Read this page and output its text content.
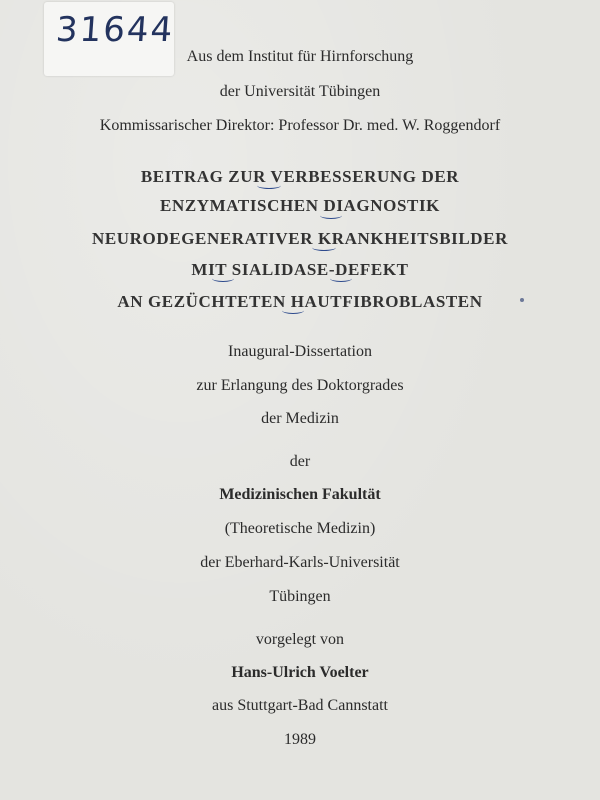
Aus dem Institut für Hirnforschung
31644
der Universität Tübingen
Kommissarischer Direktor: Professor Dr. med. W. Roggendorf
BEITRAG ZUR VERBESSERUNG DER
ENZYMATISCHEN DIAGNOSTIK
NEURODEGENERATIVER KRANKHEITSBILDER
MIT SIALIDASE-DEFEKT
AN GEZÜCHTETEN HAUTFIBROBLASTEN
Inaugural-Dissertation
zur Erlangung des Doktorgrades
der Medizin
der
Medizinischen Fakultät
(Theoretische Medizin)
der Eberhard-Karls-Universität
Tübingen
vorgelegt von
Hans-Ulrich Voelter
aus Stuttgart-Bad Cannstatt
1989
